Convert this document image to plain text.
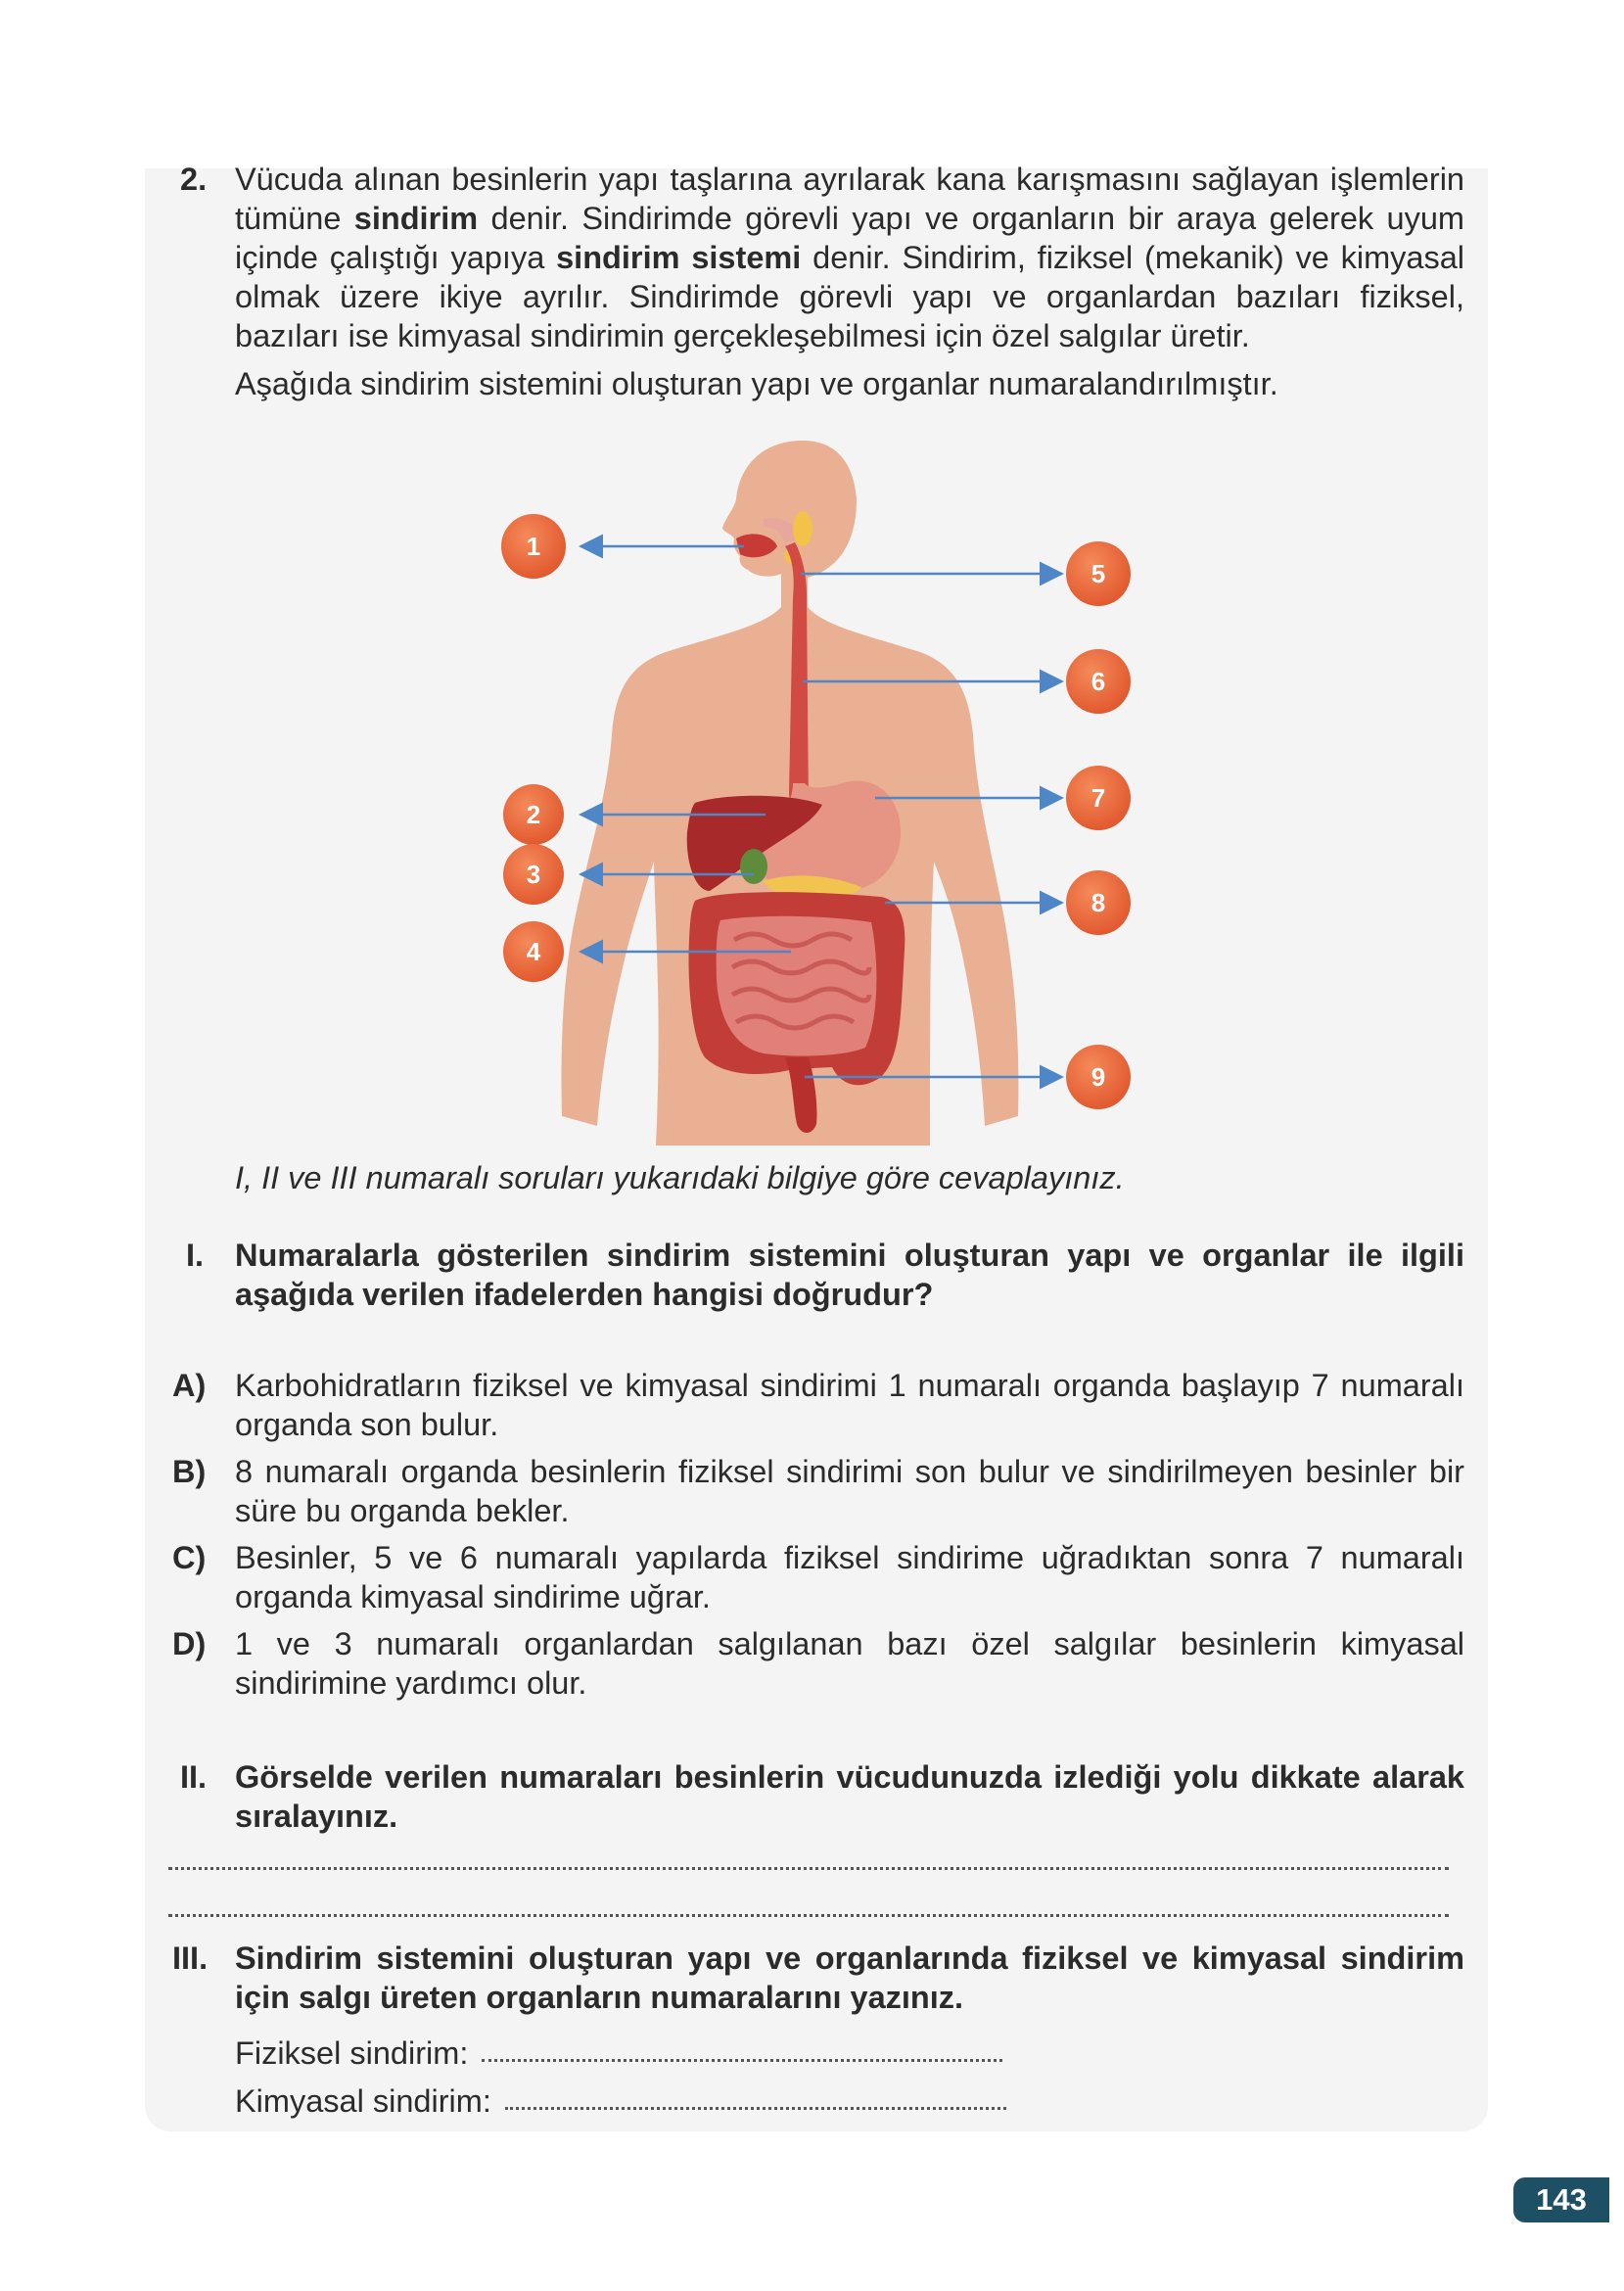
2. Vücuda alınan besinlerin yapı taşlarına ayrılarak kana karışmasını sağlayan işlemlerin tümüne sindirim denir. Sindirimde görevli yapı ve organların bir araya gelerek uyum içinde çalıştığı yapıya sindirim sistemi denir. Sindirim, fiziksel (mekanik) ve kimyasal olmak üzere ikiye ayrılır. Sindirimde görevli yapı ve organlardan bazıları fiziksel, bazıları ise kimyasal sindirimin gerçekleşebilmesi için özel salgılar üretir.

Aşağıda sindirim sistemini oluşturan yapı ve organlar numaralandırılmıştır.

1
2
3
4
5
6
7
8
9

I, II ve III numaralı soruları yukarıdaki bilgiye göre cevaplayınız.

I. Numaralarla gösterilen sindirim sistemini oluşturan yapı ve organlar ile ilgili aşağıda verilen ifadelerden hangisi doğrudur?

A) Karbohidratların fiziksel ve kimyasal sindirimi 1 numaralı organda başlayıp 7 numaralı organda son bulur.

B) 8 numaralı organda besinlerin fiziksel sindirimi son bulur ve sindirilmeyen besinler bir süre bu organda bekler.

C) Besinler, 5 ve 6 numaralı yapılarda fiziksel sindirime uğradıktan sonra 7 numaralı organda kimyasal sindirime uğrar.

D) 1 ve 3 numaralı organlardan salgılanan bazı özel salgılar besinlerin kimyasal sindirimine yardımcı olur.

II. Görselde verilen numaraları besinlerin vücudunuzda izlediği yolu dikkate alarak sıralayınız.

III. Sindirim sistemini oluşturan yapı ve organlarında fiziksel ve kimyasal sindirim için salgı üreten organların numaralarını yazınız.

Fiziksel sindirim:
Kimyasal sindirim:
143
